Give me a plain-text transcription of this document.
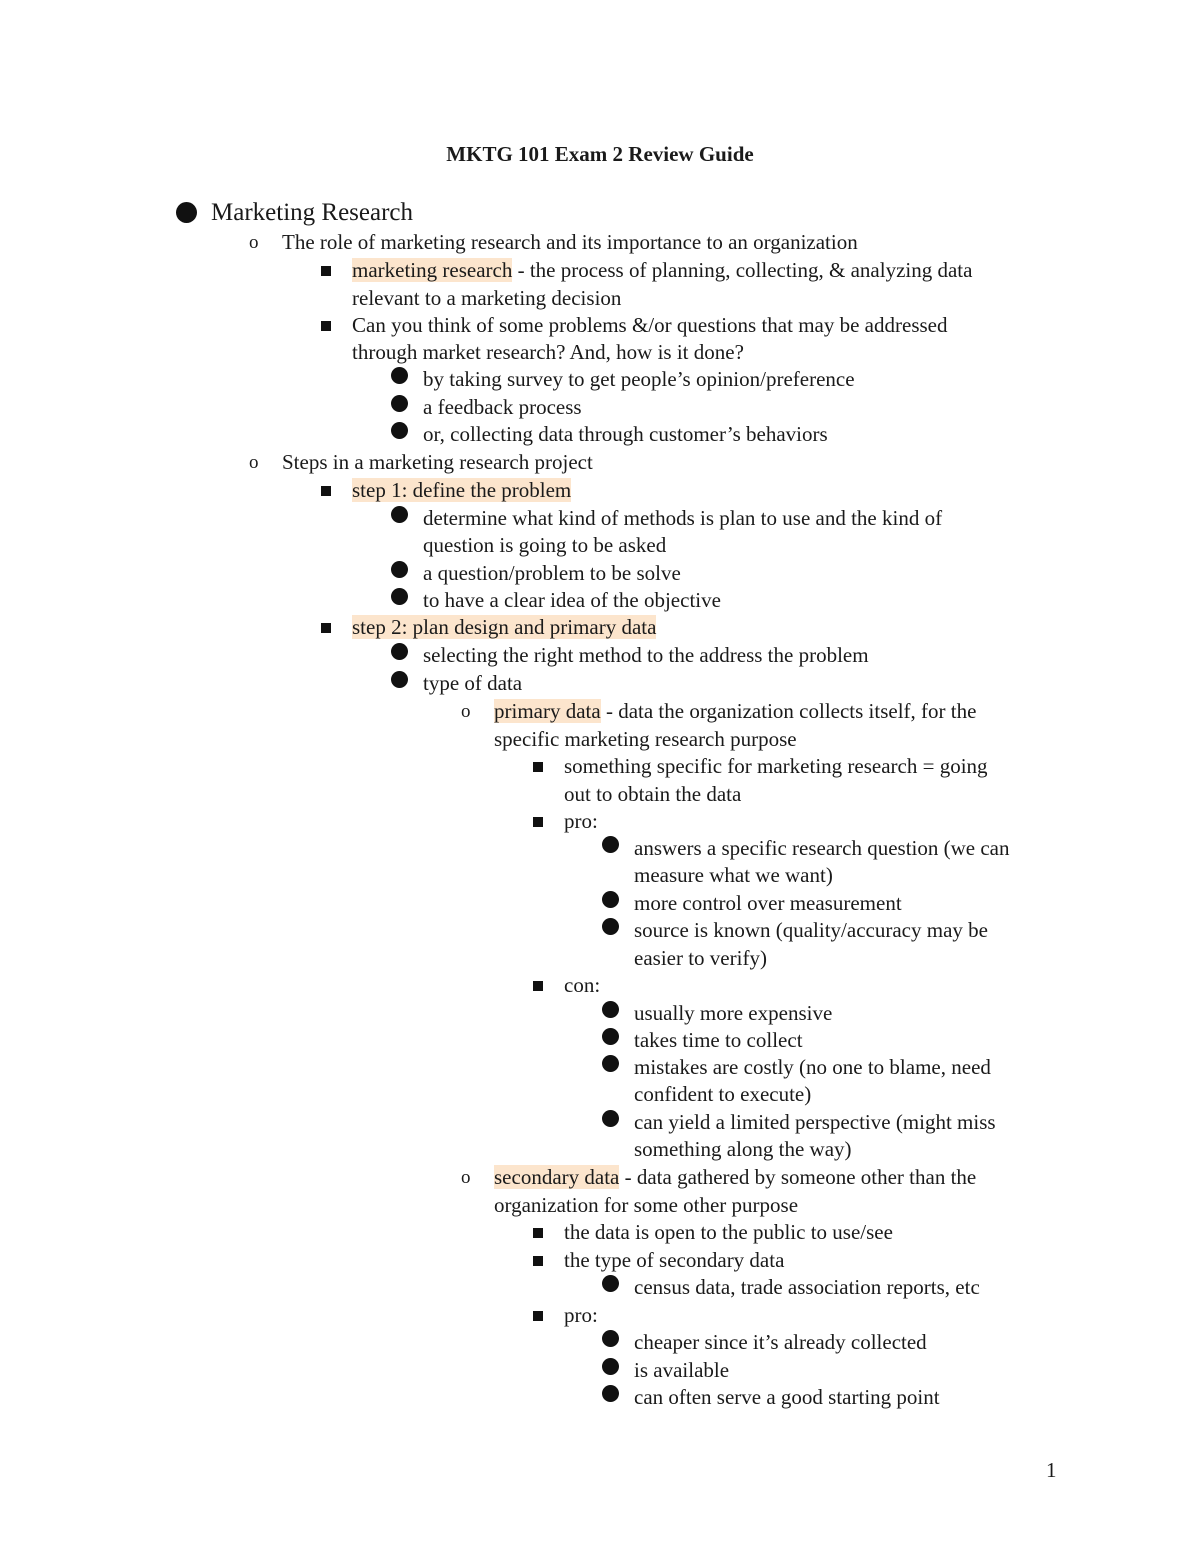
MKTG 101 Exam 2 Review Guide
Marketing Research
o The role of marketing research and its importance to an organization
marketing research - the process of planning, collecting, & analyzing data
relevant to a marketing decision
Can you think of some problems &/or questions that may be addressed
through market research? And, how is it done?
by taking survey to get people’s opinion/preference
a feedback process
or, collecting data through customer’s behaviors
o Steps in a marketing research project
step 1: define the problem
determine what kind of methods is plan to use and the kind of
question is going to be asked
a question/problem to be solve
to have a clear idea of the objective
step 2: plan design and primary data
selecting the right method to the address the problem
type of data
o primary data - data the organization collects itself, for the
specific marketing research purpose
something specific for marketing research = going
out to obtain the data
pro:
answers a specific research question (we can
measure what we want)
more control over measurement
source is known (quality/accuracy may be
easier to verify)
con:
usually more expensive
takes time to collect
mistakes are costly (no one to blame, need
confident to execute)
can yield a limited perspective (might miss
something along the way)
o secondary data - data gathered by someone other than the
organization for some other purpose
the data is open to the public to use/see
the type of secondary data
census data, trade association reports, etc
pro:
cheaper since it’s already collected
is available
can often serve a good starting point
1
